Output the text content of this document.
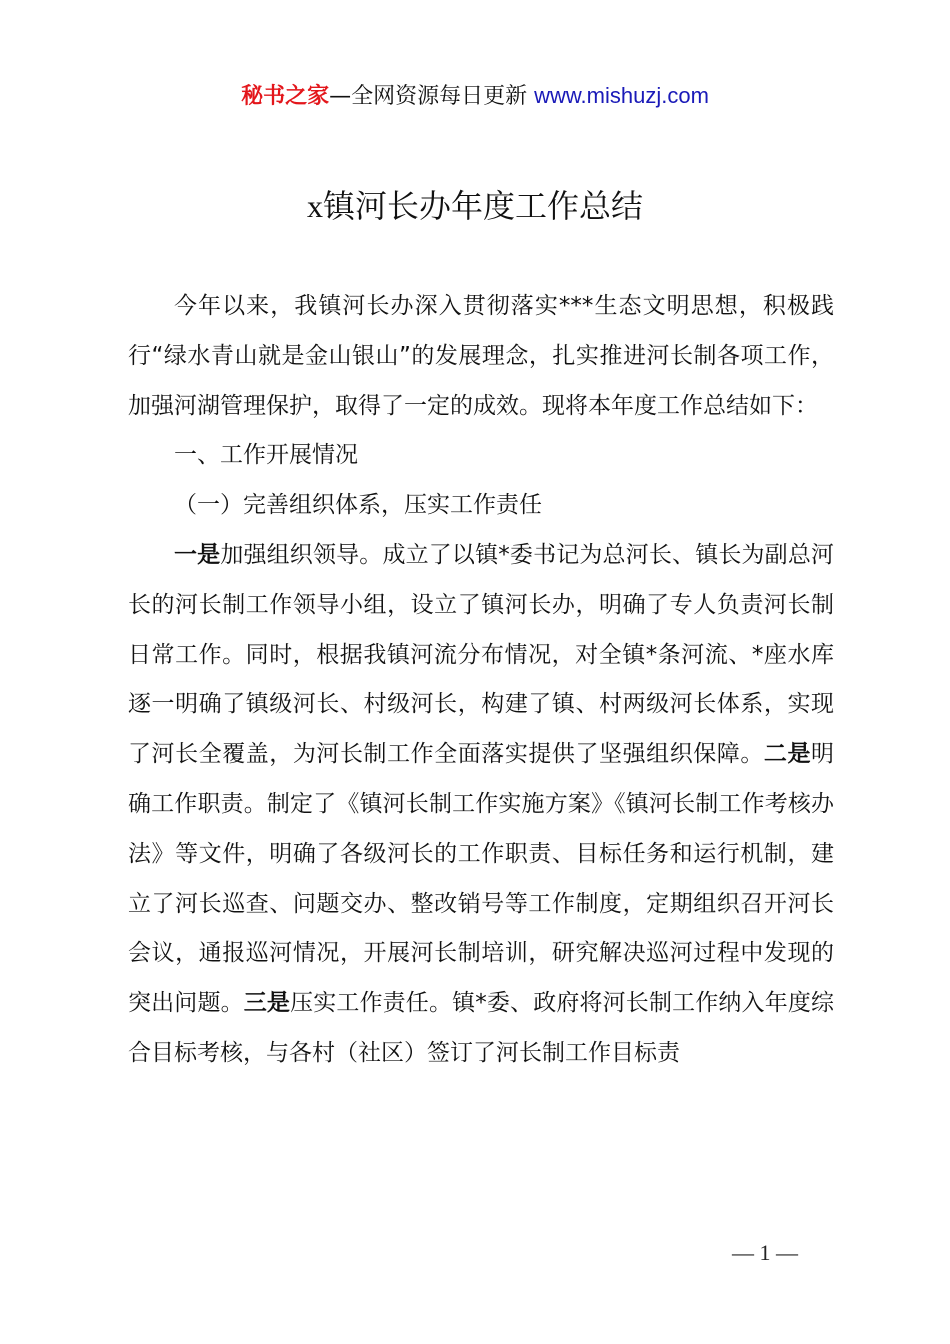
秘书之家—全网资源每日更新 www.mishuzj.com
x镇河长办年度工作总结

今年以来，我镇河长办深入贯彻落实***生态文明思想，积极践行“绿水青山就是金山银山”的发展理念，扎实推进河长制各项工作，加强河湖管理保护，取得了一定的成效。现将本年度工作总结如下：

一、工作开展情况

（一）完善组织体系，压实工作责任

一是加强组织领导。成立了以镇*委书记为总河长、镇长为副总河长的河长制工作领导小组，设立了镇河长办，明确了专人负责河长制日常工作。同时，根据我镇河流分布情况，对全镇*条河流、*座水库逐一明确了镇级河长、村级河长，构建了镇、村两级河长体系，实现了河长全覆盖，为河长制工作全面落实提供了坚强组织保障。二是明确工作职责。制定了《镇河长制工作实施方案》《镇河长制工作考核办法》等文件，明确了各级河长的工作职责、目标任务和运行机制，建立了河长巡查、问题交办、整改销号等工作制度，定期组织召开河长会议，通报巡河情况，开展河长制培训，研究解决巡河过程中发现的突出问题。三是压实工作责任。镇*委、政府将河长制工作纳入年度综合目标考核，与各村（社区）签订了河长制工作目标责

— 1 —
